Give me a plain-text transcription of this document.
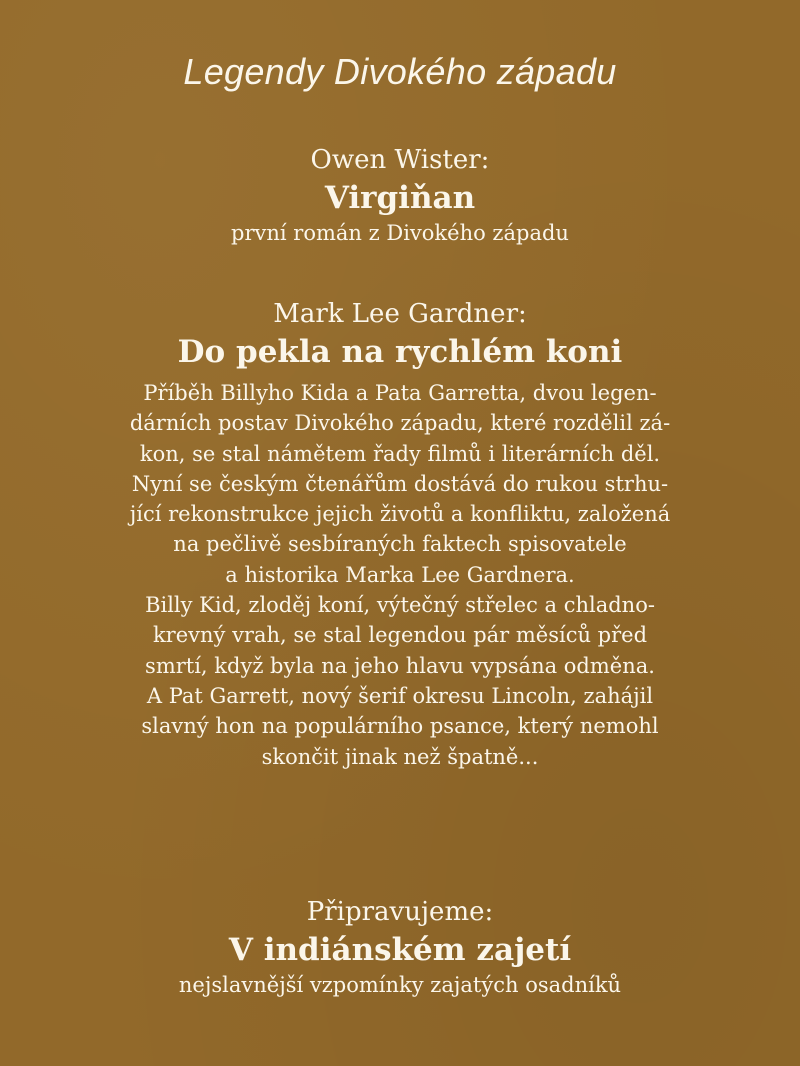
Legendy Divokého západu
Owen Wister:
Virgiňan
první román z Divokého západu
Mark Lee Gardner:
Do pekla na rychlém koni
Příběh Billyho Kida a Pata Garretta, dvou legen-
dárních postav Divokého západu, které rozdělil zá-
kon, se stal námětem řady filmů i literárních děl.
Nyní se českým čtenářům dostává do rukou strhu-
jící rekonstrukce jejich životů a konfliktu, založená
na pečlivě sesbíraných faktech spisovatele
a historika Marka Lee Gardnera.
Billy Kid, zloděj koní, výtečný střelec a chladno-
krevný vrah, se stal legendou pár měsíců před
smrtí, když byla na jeho hlavu vypsána odměna.
A Pat Garrett, nový šerif okresu Lincoln, zahájil
slavný hon na populárního psance, který nemohl
skončit jinak než špatně...
Připravujeme:
V indiánském zajetí
nejslavnější vzpomínky zajatých osadníků
